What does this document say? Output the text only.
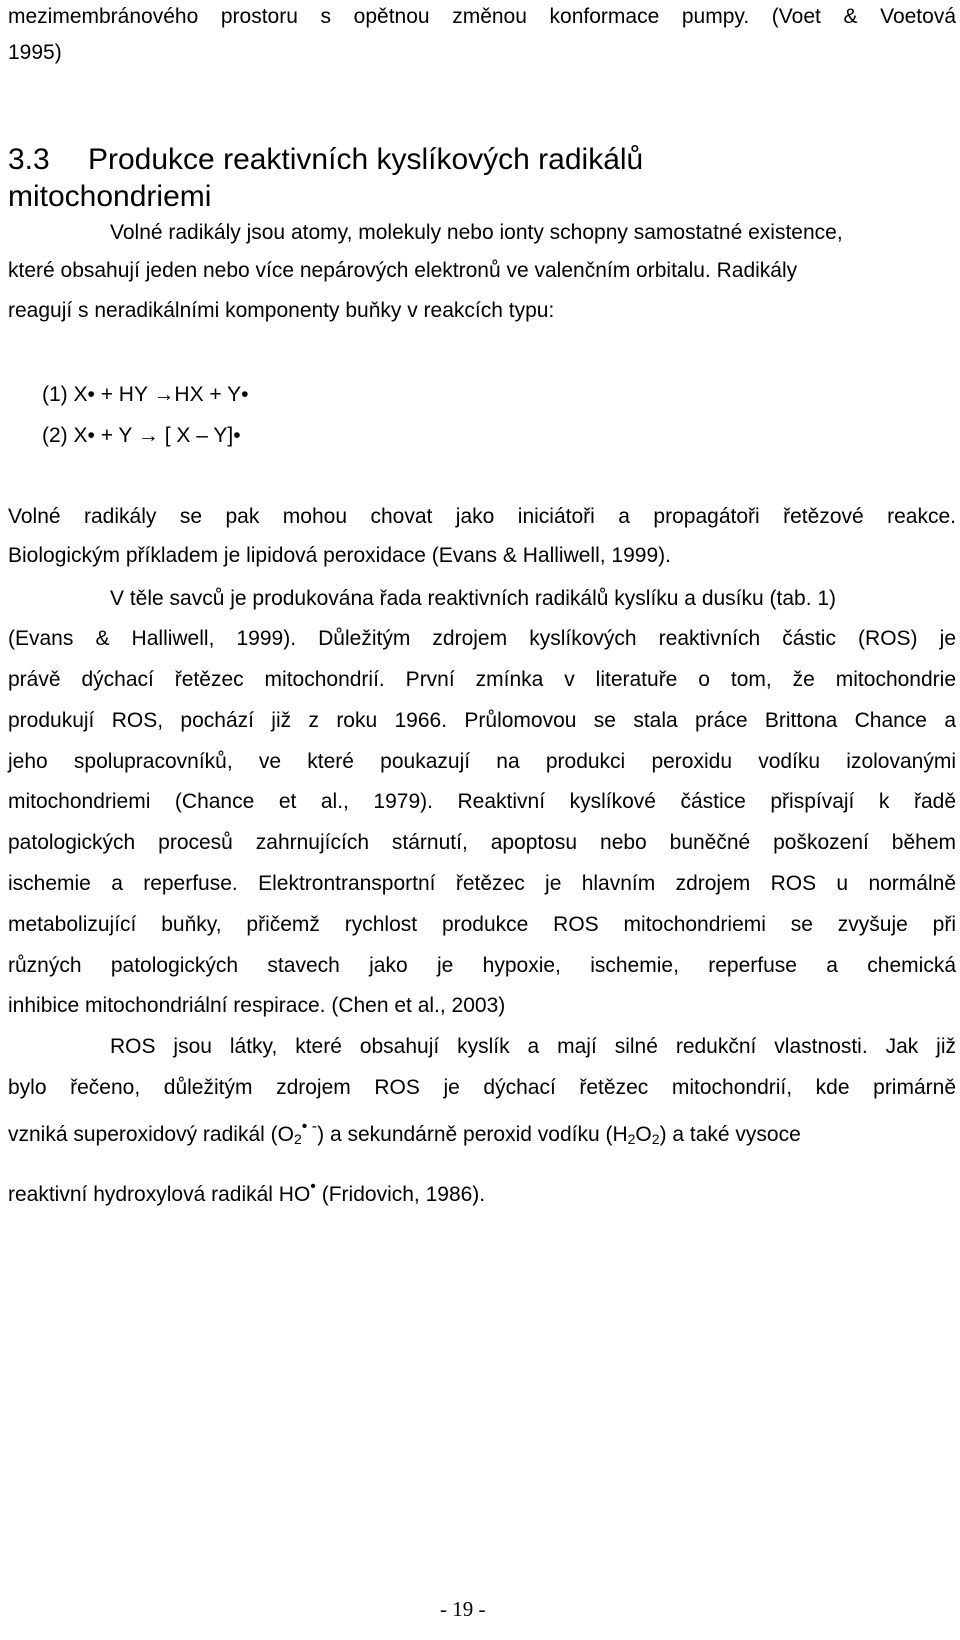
mezimembránového prostoru s opětnou změnou konformace pumpy. (Voet & Voetová
1995)
3.3 Produkce reaktivních kyslíkových radikálů
mitochondriemi
Volné radikály jsou atomy, molekuly nebo ionty schopny samostatné existence,
které obsahují jeden nebo více nepárových elektronů ve valenčním orbitalu. Radikály
reagují s neradikálními komponenty buňky v reakcích typu:
(1) X• + HY →HX + Y•
(2) X• + Y → [ X – Y]•
Volné radikály se pak mohou chovat jako iniciátoři a propagátoři řetězové reakce.
Biologickým příkladem je lipidová peroxidace (Evans & Halliwell, 1999).
V těle savců je produkována řada reaktivních radikálů kyslíku a dusíku (tab. 1)
(Evans & Halliwell, 1999). Důležitým zdrojem kyslíkových reaktivních částic (ROS) je
právě dýchací řetězec mitochondrií. První zmínka v literatuře o tom, že mitochondrie
produkují ROS, pochází již z roku 1966. Průlomovou se stala práce Brittona Chance a
jeho spolupracovníků, ve které poukazují na produkci peroxidu vodíku izolovanými
mitochondriemi (Chance et al., 1979). Reaktivní kyslíkové částice přispívají k řadě
patologických procesů zahrnujících stárnutí, apoptosu nebo buněčné poškození během
ischemie a reperfuse. Elektrontransportní řetězec je hlavním zdrojem ROS u normálně
metabolizující buňky, přičemž rychlost produkce ROS mitochondriemi se zvyšuje při
různých patologických stavech jako je hypoxie, ischemie, reperfuse a chemická
inhibice mitochondriální respirace. (Chen et al., 2003)
ROS jsou látky, které obsahují kyslík a mají silné redukční vlastnosti. Jak již
bylo řečeno, důležitým zdrojem ROS je dýchací řetězec mitochondrií, kde primárně
vzniká superoxidový radikál $(O_2^{• -})$ a sekundárně peroxid vodíku $(H_2O_2)$ a také vysoce
reaktivní hydroxylová radikál HO• (Fridovich, 1986).
- 19 -
